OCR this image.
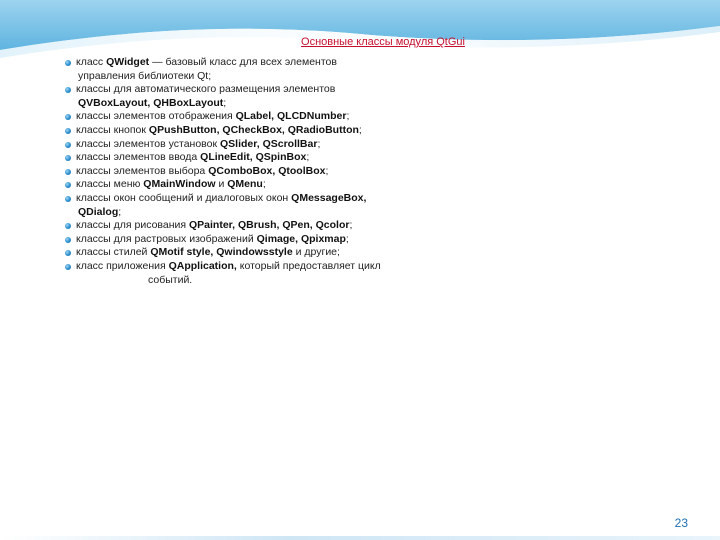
Основные классы модуля QtGui
класс QWidget — базовый класс для всех элементов
управления библиотеки Qt;
классы для автоматического размещения элементов
QVBoxLayout, QHBoxLayout;
классы элементов отображения QLabel, QLCDNumber;
классы кнопок QPushButton, QCheckBox, QRadioButton;
классы элементов установок QSlider, QScrollBar;
классы элементов ввода QLineEdit, QSpinBox;
классы элементов выбора QComboBox, QtoolBox;
классы меню QMainWindow и QMenu;
классы окон сообщений и диалоговых окон QMessageBox,
QDialog;
классы для рисования QPainter, QBrush, QPen, Qcolor;
классы для растровых изображений Qimage, Qpixmap;
классы стилей QMotif style, Qwindowsstyle и другие;
класс приложения QApplication, который предоставляет цикл
событий.
23
